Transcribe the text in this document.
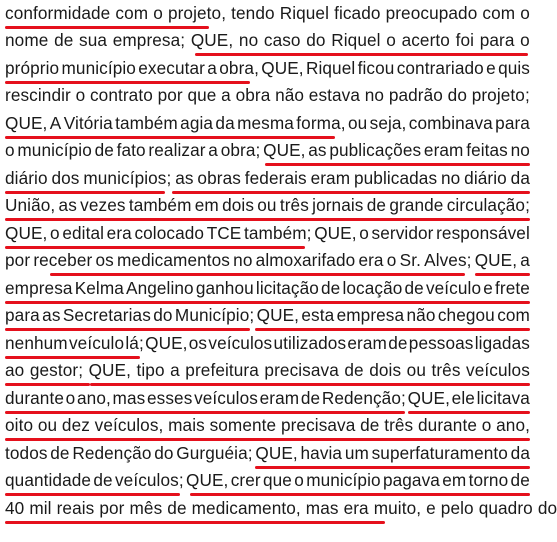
conformidade com o projeto, tendo Riquel ficado preocupado com o
nome de sua empresa; QUE, no caso do Riquel o acerto foi para o
próprio município executar a obra, QUE, Riquel ficou contrariado e quis
rescindir o contrato por que a obra não estava no padrão do projeto;
QUE, A Vitória também agia da mesma forma, ou seja, combinava para
o município de fato realizar a obra; QUE, as publicações eram feitas no
diário dos municípios; as obras federais eram publicadas no diário da
União, as vezes também em dois ou três jornais de grande circulação;
QUE, o edital era colocado TCE também; QUE, o servidor responsável
por receber os medicamentos no almoxarifado era o Sr. Alves; QUE, a
empresa Kelma Angelino ganhou licitação de locação de veículo e frete
para as Secretarias do Município; QUE, esta empresa não chegou com
nenhum veículo lá; QUE, os veículos utilizados eram de pessoas ligadas
ao gestor; QUE, tipo a prefeitura precisava de dois ou três veículos
durante o ano, mas esses veículos eram de Redenção; QUE, ele licitava
oito ou dez veículos, mais somente precisava de três durante o ano,
todos de Redenção do Gurguéia; QUE, havia um superfaturamento da
quantidade de veículos; QUE, crer que o município pagava em torno de
40 mil reais por mês de medicamento, mas era muito, e pelo quadro do
